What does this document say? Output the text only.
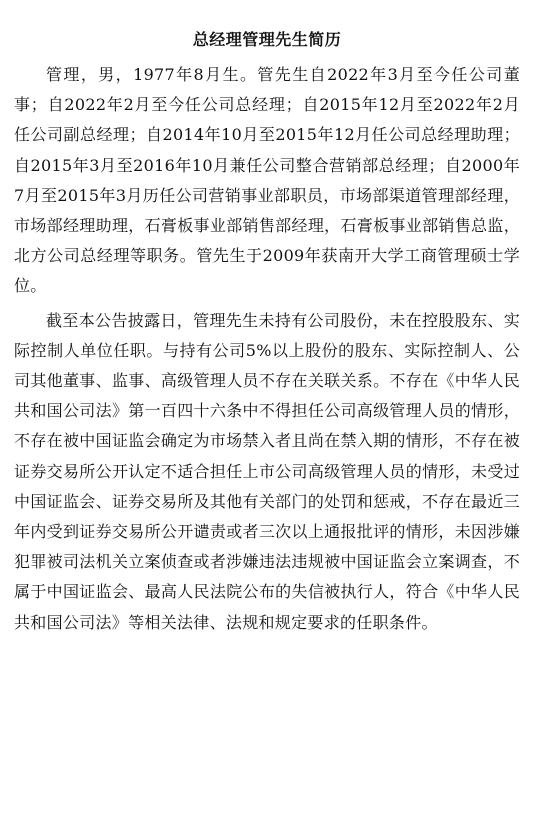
总经理管理先生简历

管理，男，1977年8月生。管先生自2022年3月至今任公司董事；自2022年2月至今任公司总经理；自2015年12月至2022年2月任公司副总经理；自2014年10月至2015年12月任公司总经理助理；自2015年3月至2016年10月兼任公司整合营销部总经理；自2000年7月至2015年3月历任公司营销事业部职员，市场部渠道管理部经理，市场部经理助理，石膏板事业部销售部经理，石膏板事业部销售总监，北方公司总经理等职务。管先生于2009年获南开大学工商管理硕士学位。

截至本公告披露日，管理先生未持有公司股份，未在控股股东、实际控制人单位任职。与持有公司5%以上股份的股东、实际控制人、公司其他董事、监事、高级管理人员不存在关联关系。不存在《中华人民共和国公司法》第一百四十六条中不得担任公司高级管理人员的情形，不存在被中国证监会确定为市场禁入者且尚在禁入期的情形，不存在被证券交易所公开认定不适合担任上市公司高级管理人员的情形，未受过中国证监会、证券交易所及其他有关部门的处罚和惩戒，不存在最近三年内受到证券交易所公开谴责或者三次以上通报批评的情形，未因涉嫌犯罪被司法机关立案侦查或者涉嫌违法违规被中国证监会立案调查，不属于中国证监会、最高人民法院公布的失信被执行人，符合《中华人民共和国公司法》等相关法律、法规和规定要求的任职条件。
